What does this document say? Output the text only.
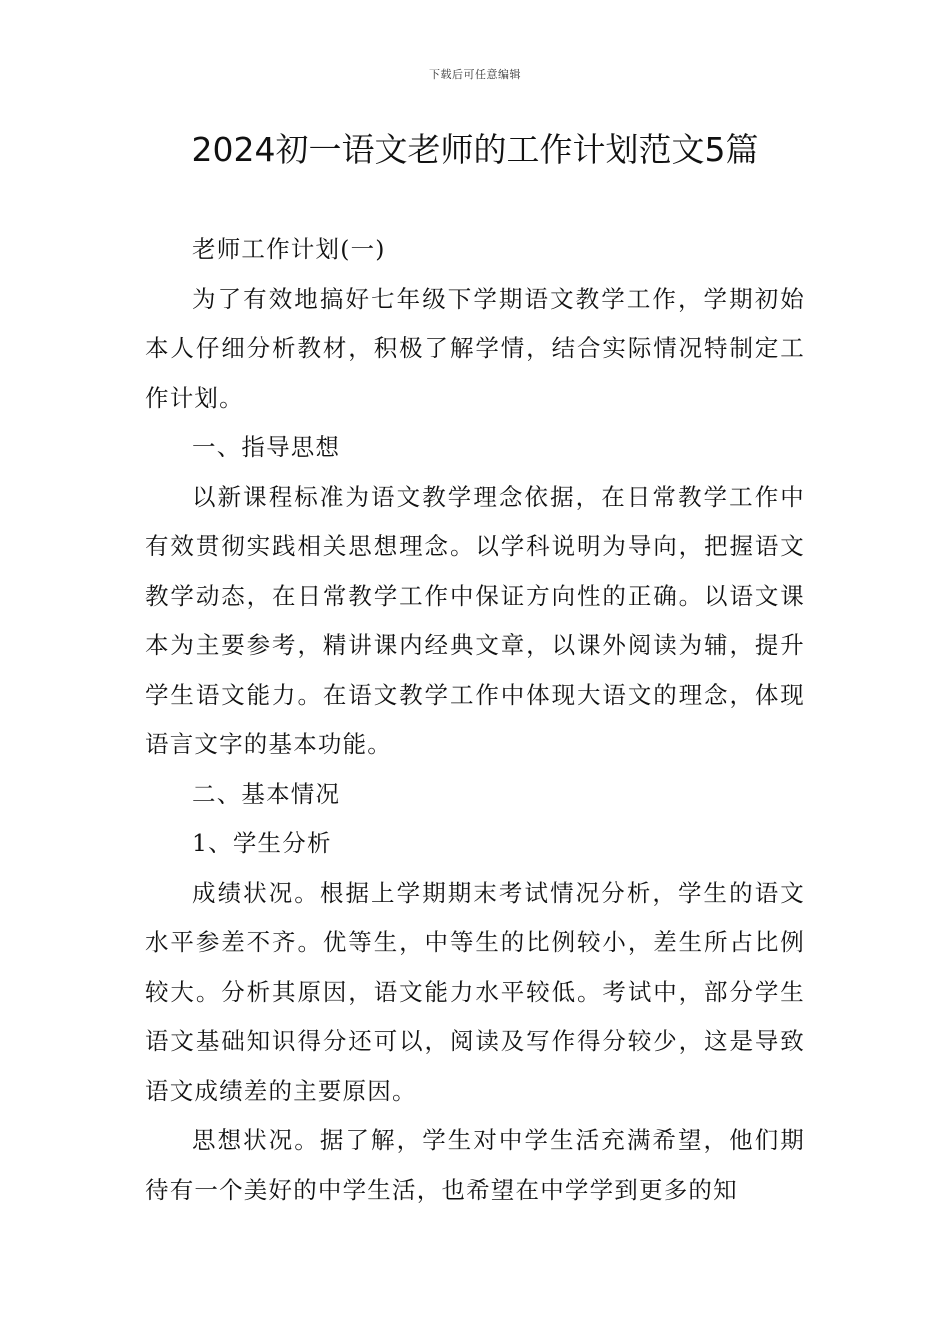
下载后可任意编辑
2024初一语文老师的工作计划范文5篇

老师工作计划(一)

为了有效地搞好七年级下学期语文教学工作，学期初始本人仔细分析教材，积极了解学情，结合实际情况特制定工作计划。

一、指导思想

以新课程标准为语文教学理念依据，在日常教学工作中有效贯彻实践相关思想理念。以学科说明为导向，把握语文教学动态，在日常教学工作中保证方向性的正确。以语文课本为主要参考，精讲课内经典文章，以课外阅读为辅，提升学生语文能力。在语文教学工作中体现大语文的理念，体现语言文字的基本功能。

二、基本情况

1、学生分析

成绩状况。根据上学期期末考试情况分析，学生的语文水平参差不齐。优等生，中等生的比例较小，差生所占比例较大。分析其原因，语文能力水平较低。考试中，部分学生语文基础知识得分还可以，阅读及写作得分较少，这是导致语文成绩差的主要原因。

思想状况。据了解，学生对中学生活充满希望，他们期待有一个美好的中学生活，也希望在中学学到更多的知
